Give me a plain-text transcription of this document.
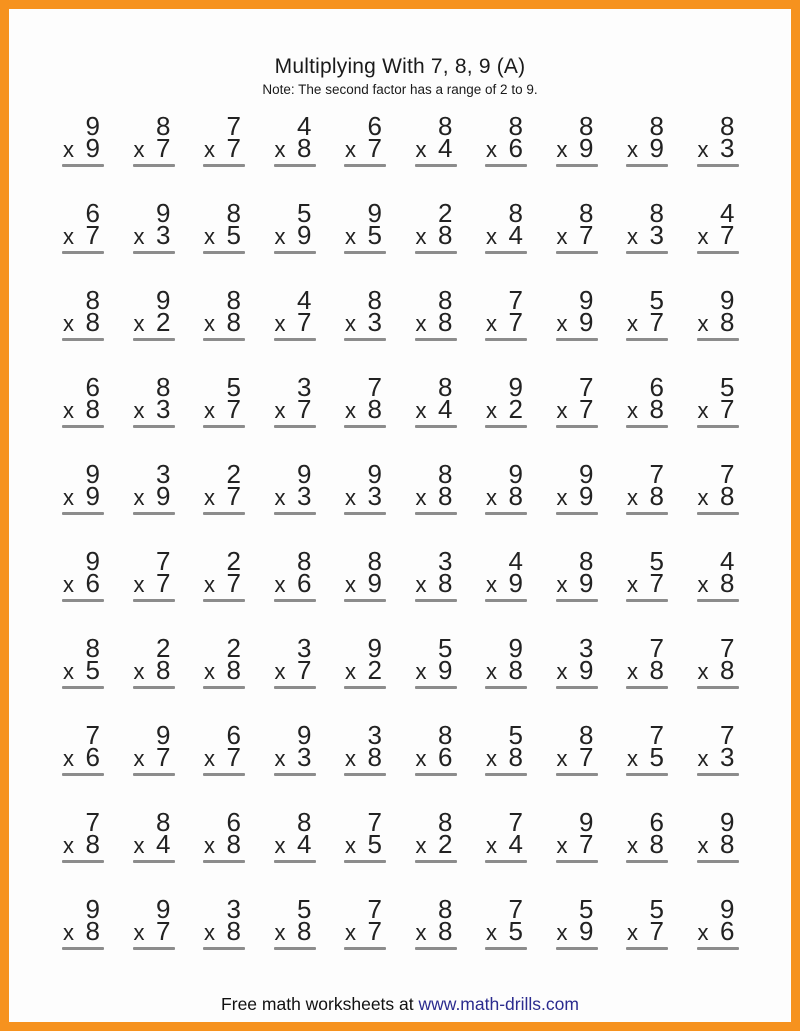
Multiplying With 7, 8, 9 (A)
Note: The second factor has a range of 2 to 9.
9
x 9
8
x 7
7
x 7
4
x 8
6
x 7
8
x 4
8
x 6
8
x 9
8
x 9
8
x 3
6
x 7
9
x 3
8
x 5
5
x 9
9
x 5
2
x 8
8
x 4
8
x 7
8
x 3
4
x 7
8
x 8
9
x 2
8
x 8
4
x 7
8
x 3
8
x 8
7
x 7
9
x 9
5
x 7
9
x 8
6
x 8
8
x 3
5
x 7
3
x 7
7
x 8
8
x 4
9
x 2
7
x 7
6
x 8
5
x 7
9
x 9
3
x 9
2
x 7
9
x 3
9
x 3
8
x 8
9
x 8
9
x 9
7
x 8
7
x 8
9
x 6
7
x 7
2
x 7
8
x 6
8
x 9
3
x 8
4
x 9
8
x 9
5
x 7
4
x 8
8
x 5
2
x 8
2
x 8
3
x 7
9
x 2
5
x 9
9
x 8
3
x 9
7
x 8
7
x 8
7
x 6
9
x 7
6
x 7
9
x 3
3
x 8
8
x 6
5
x 8
8
x 7
7
x 5
7
x 3
7
x 8
8
x 4
6
x 8
8
x 4
7
x 5
8
x 2
7
x 4
9
x 7
6
x 8
9
x 8
9
x 8
9
x 7
3
x 8
5
x 8
7
x 7
8
x 8
7
x 5
5
x 9
5
x 7
9
x 6
Free math worksheets at www.math-drills.com
